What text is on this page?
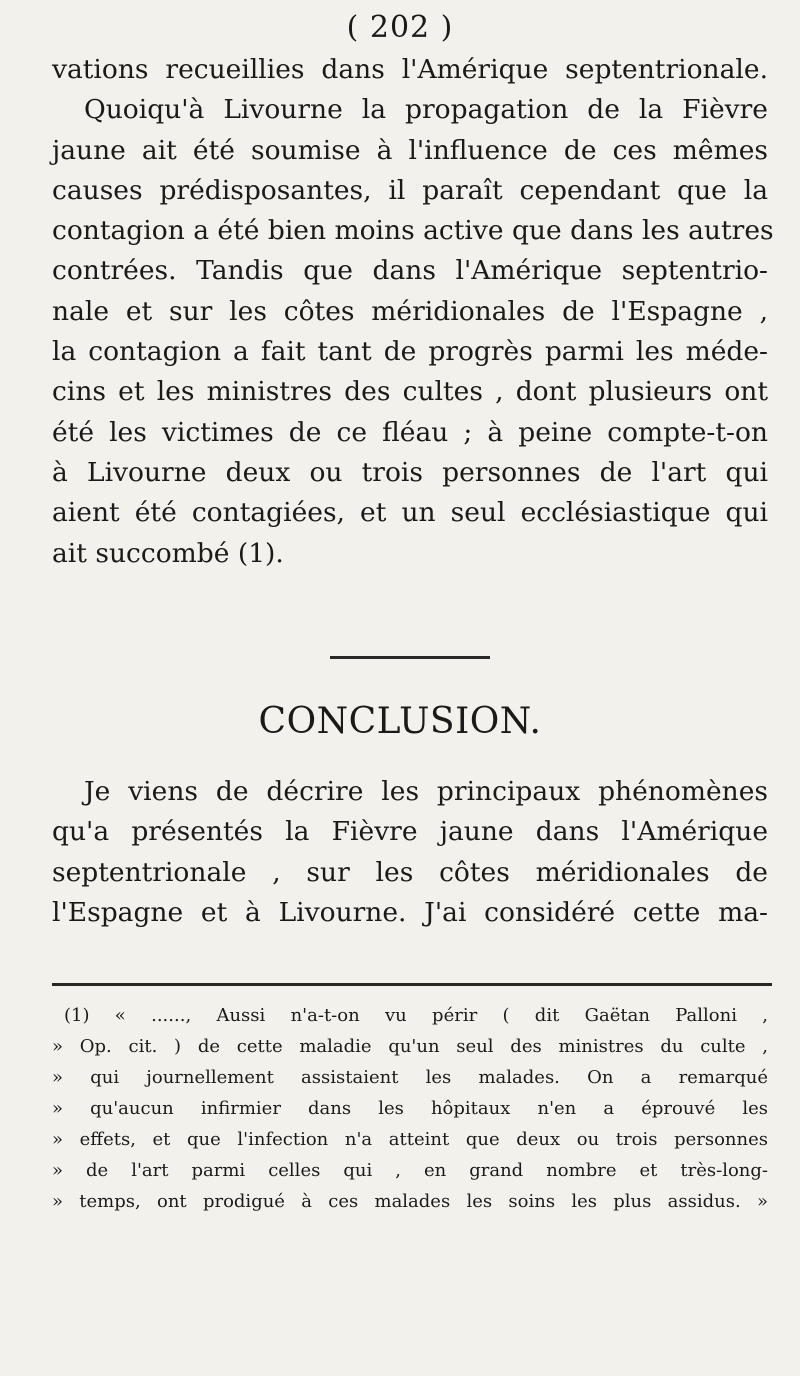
( 202 )
vations recueillies dans l'Amérique septentrionale.
Quoiqu'à Livourne la propagation de la Fièvre
jaune ait été soumise à l'influence de ces mêmes
causes prédisposantes, il paraît cependant que la
contagion a été bien moins active que dans les autres
contrées. Tandis que dans l'Amérique septentrio-
nale et sur les côtes méridionales de l'Espagne ,
la contagion a fait tant de progrès parmi les méde-
cins et les ministres des cultes , dont plusieurs ont
été les victimes de ce fléau ; à peine compte-t-on
à Livourne deux ou trois personnes de l'art qui
aient été contagiées, et un seul ecclésiastique qui
ait succombé (1).
CONCLUSION.
Je viens de décrire les principaux phénomènes
qu'a présentés la Fièvre jaune dans l'Amérique
septentrionale , sur les côtes méridionales de
l'Espagne et à Livourne. J'ai considéré cette ma-
(1) « ......, Aussi n'a-t-on vu périr ( dit Gaëtan Palloni ,
» Op. cit. ) de cette maladie qu'un seul des ministres du culte ,
» qui journellement assistaient les malades. On a remarqué
» qu'aucun infirmier dans les hôpitaux n'en a éprouvé les
» effets, et que l'infection n'a atteint que deux ou trois personnes
» de l'art parmi celles qui , en grand nombre et très-long-
» temps, ont prodigué à ces malades les soins les plus assidus. »
